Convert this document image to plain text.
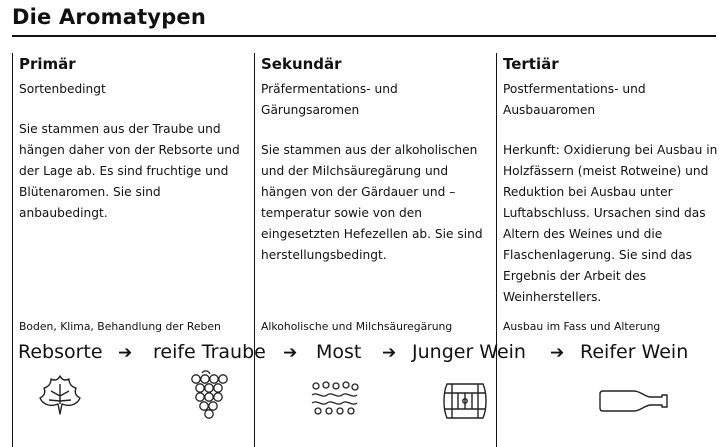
Die Aromatypen
Primär
Sortenbedingt
Sie stammen aus der Traube und hängen daher von der Rebsorte und der Lage ab. Es sind fruchtige und Blütenaromen. Sie sind anbaubedingt.
Boden, Klima, Behandlung der Reben
Sekundär
Präfermentations- und Gärungsaromen
Sie stammen aus der alkoholischen und der Milchsäuregärung und hängen von der Gärdauer und –temperatur sowie von den eingesetzten Hefezellen ab. Sie sind herstellungsbedingt.
Alkoholische und Milchsäuregärung
Tertiär
Postfermentations- und Ausbauaromen
Herkunft: Oxidierung bei Ausbau in Holzfässern (meist Rotweine) und Reduktion bei Ausbau unter Luftabschluss. Ursachen sind das Altern des Weines und die Flaschenlagerung. Sie sind das Ergebnis der Arbeit des Weinherstellers.
Ausbau im Fass und Alterung
Rebsorte ➔ reife Traube ➔ Most ➔ Junger Wein ➔ Reifer Wein
